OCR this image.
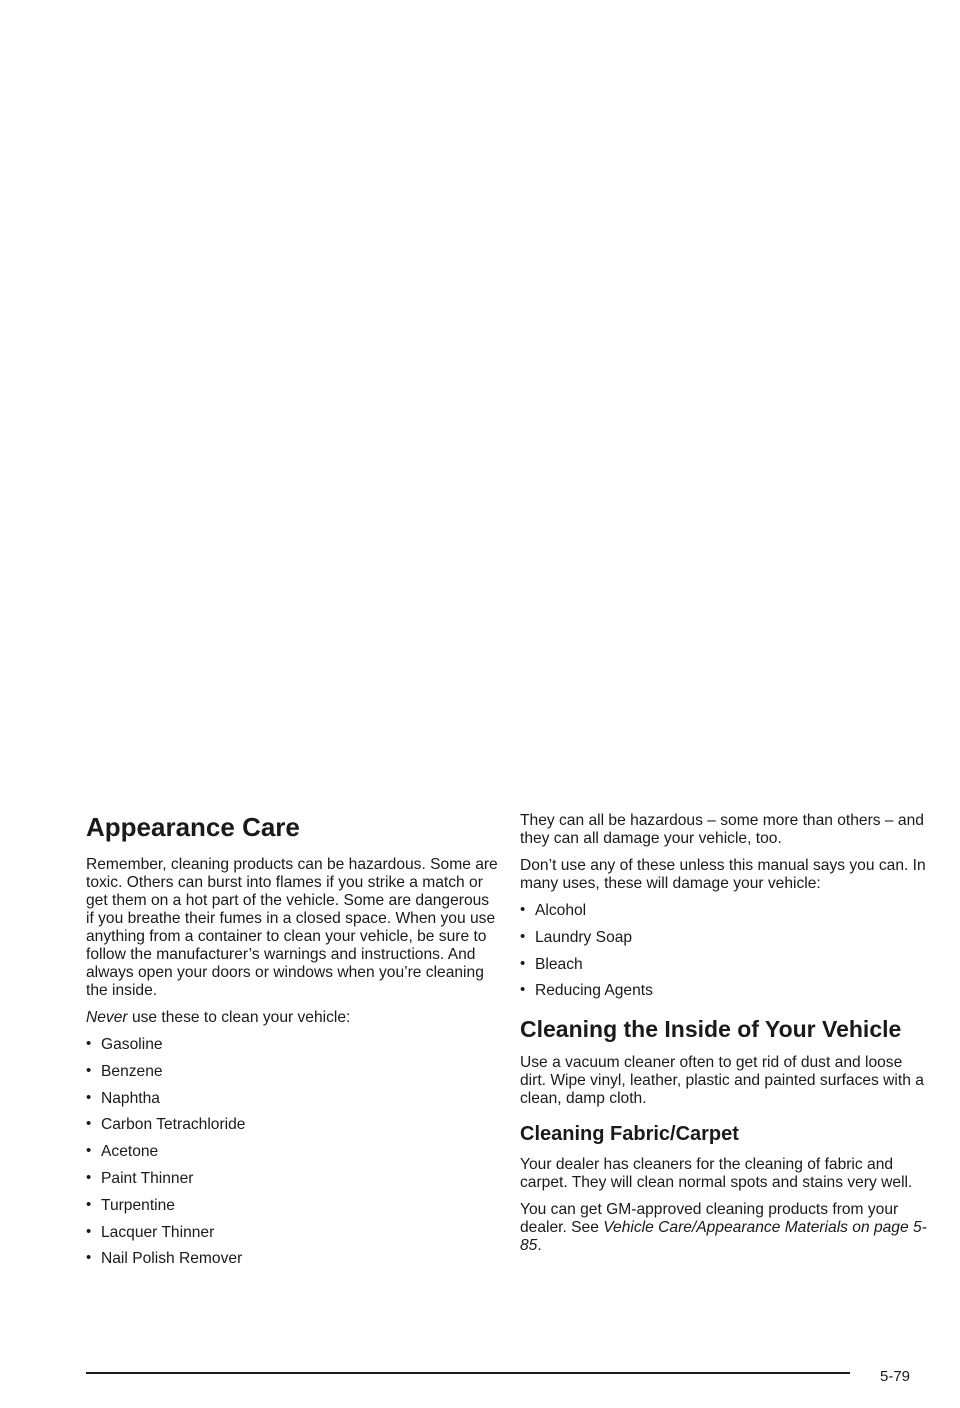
Appearance Care

Remember, cleaning products can be hazardous. Some are toxic. Others can burst into flames if you strike a match or get them on a hot part of the vehicle. Some are dangerous if you breathe their fumes in a closed space. When you use anything from a container to clean your vehicle, be sure to follow the manufacturer’s warnings and instructions. And always open your doors or windows when you’re cleaning the inside.

Never use these to clean your vehicle:

• Gasoline
• Benzene
• Naphtha
• Carbon Tetrachloride
• Acetone
• Paint Thinner
• Turpentine
• Lacquer Thinner
• Nail Polish Remover

They can all be hazardous – some more than others – and they can all damage your vehicle, too.

Don’t use any of these unless this manual says you can. In many uses, these will damage your vehicle:

• Alcohol
• Laundry Soap
• Bleach
• Reducing Agents
Cleaning the Inside of Your Vehicle

Use a vacuum cleaner often to get rid of dust and loose dirt. Wipe vinyl, leather, plastic and painted surfaces with a clean, damp cloth.

Cleaning Fabric/Carpet

Your dealer has cleaners for the cleaning of fabric and carpet. They will clean normal spots and stains very well.

You can get GM-approved cleaning products from your dealer. See Vehicle Care/Appearance Materials on page 5-85.

5-79
